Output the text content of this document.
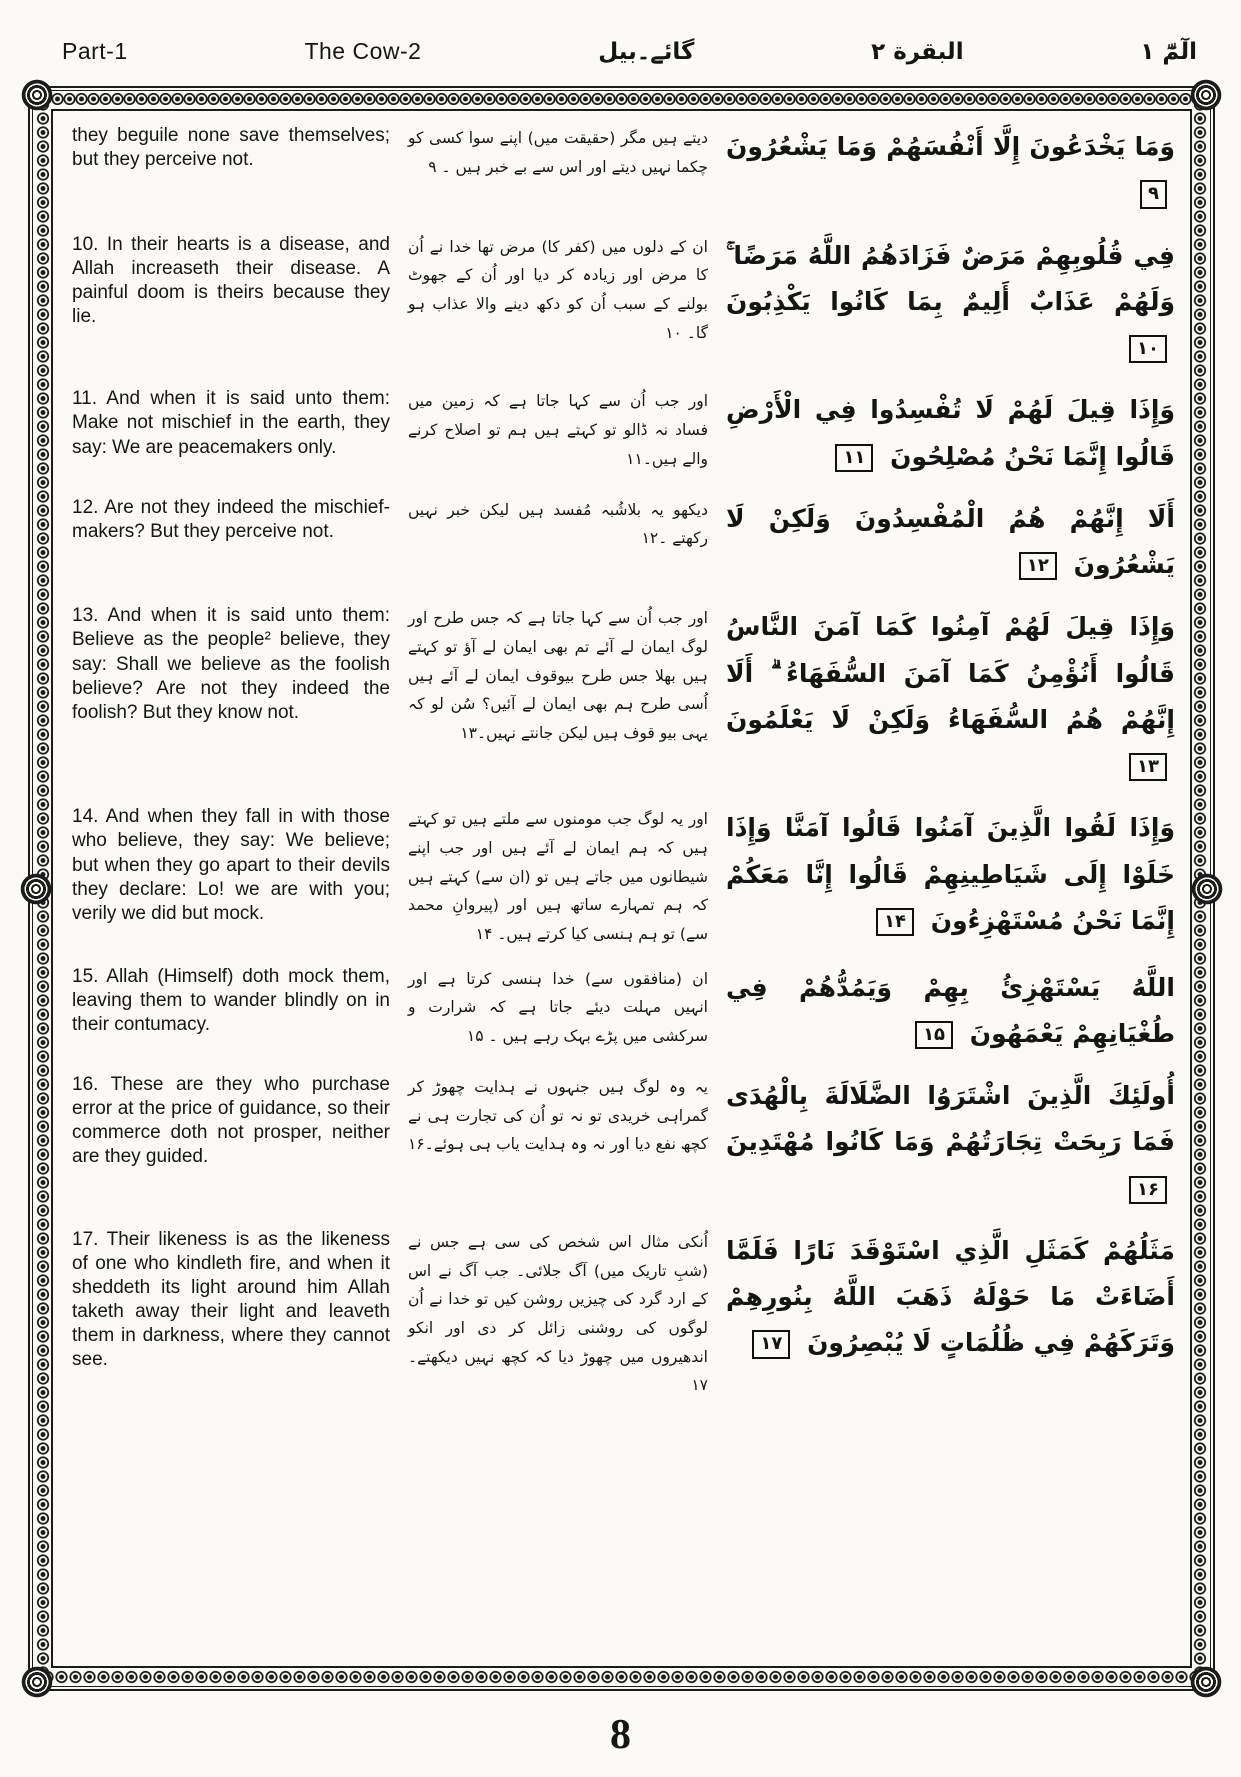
Part-1	The Cow-2	گائے۔بیل	البقرة ٢	الٓمّٓ ١
they beguile none save themselves; but they perceive not.
دیتے ہیں مگر (حقیقت میں) اپنے سوا کسی کو چکما نہیں دیتے اور اس سے بے خبر ہیں ۔ ۹
وَمَا يَخْدَعُونَ إِلَّا أَنْفُسَهُمْ وَمَا يَشْعُرُونَ ۹
10. In their hearts is a disease, and Allah increaseth their disease. A painful doom is theirs because they lie.
ان کے دلوں میں (کفر کا) مرض تھا خدا نے اُن کا مرض اور زیادہ کر دیا اور اُن کے جھوٹ بولنے کے سبب اُن کو دکھ دینے والا عذاب ہو گا۔ ۱۰
فِي قُلُوبِهِمْ مَرَضٌ فَزَادَهُمُ اللَّهُ مَرَضًا ۚ وَلَهُمْ عَذَابٌ أَلِيمٌ بِمَا كَانُوا يَكْذِبُونَ ۱۰
11. And when it is said unto them: Make not mischief in the earth, they say: We are peacemakers only.
اور جب اُن سے کہا جاتا ہے کہ زمین میں فساد نہ ڈالو تو کہتے ہیں ہم تو اصلاح کرنے والے ہیں۔۱۱
وَإِذَا قِيلَ لَهُمْ لَا تُفْسِدُوا فِي الْأَرْضِ قَالُوا إِنَّمَا نَحْنُ مُصْلِحُونَ ۱۱
12. Are not they indeed the mischief-makers? But they perceive not.
دیکھو یہ بلاشُبہ مُفسد ہیں لیکن خبر نہیں رکھتے ۔۱۲
أَلَا إِنَّهُمْ هُمُ الْمُفْسِدُونَ وَلَكِنْ لَا يَشْعُرُونَ ۱۲
13. And when it is said unto them: Believe as the people² believe, they say: Shall we believe as the foolish believe? Are not they indeed the foolish? But they know not.
اور جب اُن سے کہا جاتا ہے کہ جس طرح اور لوگ ایمان لے آئے تم بھی ایمان لے آؤ تو کہتے ہیں بھلا جس طرح بیوقوف ایمان لے آئے ہیں اُسی طرح ہم بھی ایمان لے آئیں؟ سُن لو کہ یہی بیو قوف ہیں لیکن جانتے نہیں۔۱۳
وَإِذَا قِيلَ لَهُمْ آمِنُوا كَمَا آمَنَ النَّاسُ قَالُوا أَنُؤْمِنُ كَمَا آمَنَ السُّفَهَاءُ ۗ أَلَا إِنَّهُمْ هُمُ السُّفَهَاءُ وَلَكِنْ لَا يَعْلَمُونَ ۱۳
14. And when they fall in with those who believe, they say: We believe; but when they go apart to their devils they declare: Lo! we are with you; verily we did but mock.
اور یہ لوگ جب مومنوں سے ملتے ہیں تو کہتے ہیں کہ ہم ایمان لے آئے ہیں اور جب اپنے شیطانوں میں جاتے ہیں تو (ان سے) کہتے ہیں کہ ہم تمہارے ساتھ ہیں اور (پیروانِ محمد سے) تو ہم ہنسی کیا کرتے ہیں۔ ۱۴
وَإِذَا لَقُوا الَّذِينَ آمَنُوا قَالُوا آمَنَّا وَإِذَا خَلَوْا إِلَى شَيَاطِينِهِمْ قَالُوا إِنَّا مَعَكُمْ إِنَّمَا نَحْنُ مُسْتَهْزِءُونَ ۱۴
15. Allah (Himself) doth mock them, leaving them to wander blindly on in their contumacy.
ان (منافقوں سے) خدا ہنسی کرتا ہے اور انہیں مہلت دیئے جاتا ہے کہ شرارت و سرکشی میں پڑے بہک رہے ہیں ۔ ۱۵
اللَّهُ يَسْتَهْزِئُ بِهِمْ وَيَمُدُّهُمْ فِي طُغْيَانِهِمْ يَعْمَهُونَ ۱۵
16. These are they who purchase error at the price of guidance, so their commerce doth not prosper, neither are they guided.
یہ وہ لوگ ہیں جنہوں نے ہدایت چھوڑ کر گمراہی خریدی تو نہ تو اُن کی تجارت ہی نے کچھ نفع دیا اور نہ وہ ہدایت یاب ہی ہوئے۔۱۶
أُولَئِكَ الَّذِينَ اشْتَرَوُا الضَّلَالَةَ بِالْهُدَى فَمَا رَبِحَتْ تِجَارَتُهُمْ وَمَا كَانُوا مُهْتَدِينَ ۱۶
17. Their likeness is as the likeness of one who kindleth fire, and when it sheddeth its light around him Allah taketh away their light and leaveth them in darkness, where they cannot see.
اُنکی مثال اس شخص کی سی ہے جس نے (شبِ تاریک میں) آگ جلائی۔ جب آگ نے اس کے ارد گرد کی چیزیں روشن کیں تو خدا نے اُن لوگوں کی روشنی زائل کر دی اور انکو اندھیروں میں چھوڑ دیا کہ کچھ نہیں دیکھتے۔۱۷
مَثَلُهُمْ كَمَثَلِ الَّذِي اسْتَوْقَدَ نَارًا فَلَمَّا أَضَاءَتْ مَا حَوْلَهُ ذَهَبَ اللَّهُ بِنُورِهِمْ وَتَرَكَهُمْ فِي ظُلُمَاتٍ لَا يُبْصِرُونَ ۱۷
8
